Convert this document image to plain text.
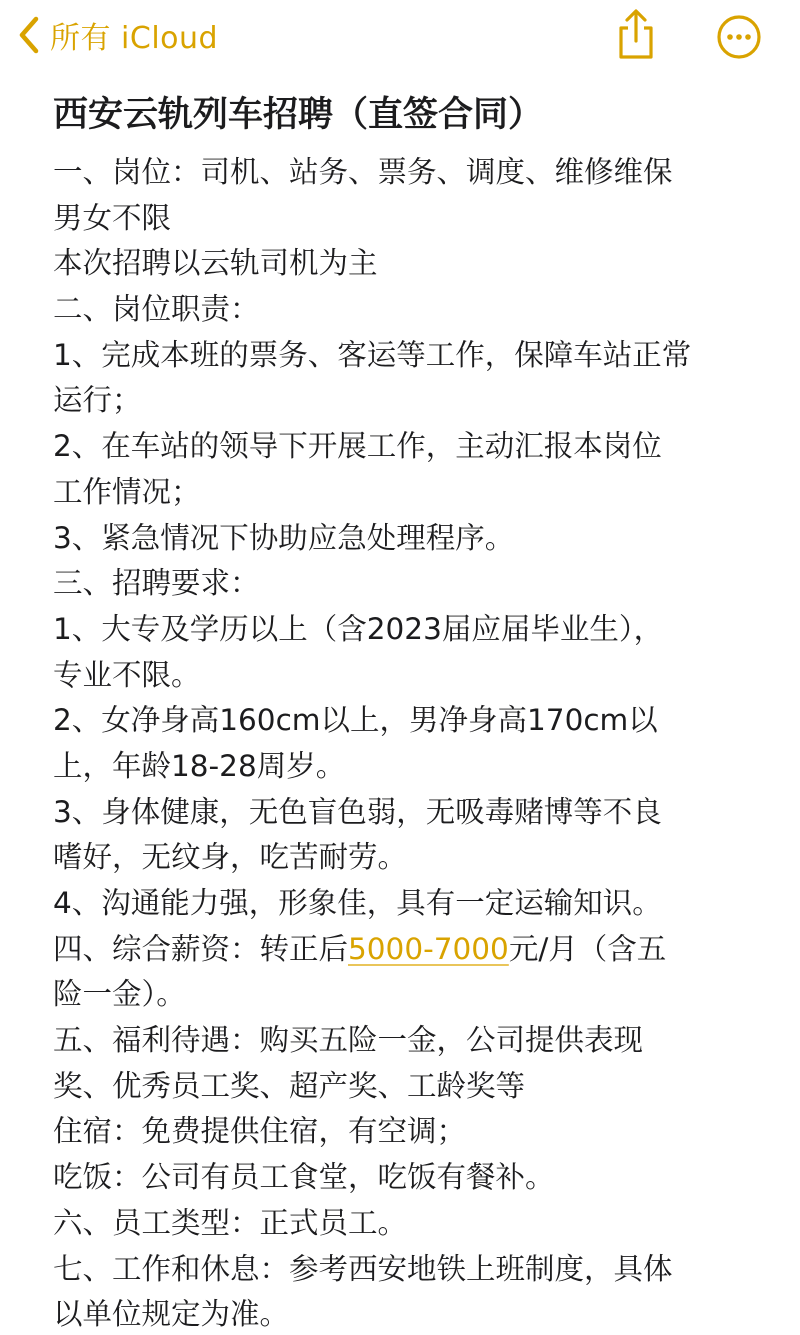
所有 iCloud
西安云轨列车招聘（直签合同）
一、岗位：司机、站务、票务、调度、维修维保
男女不限
本次招聘以云轨司机为主
二、岗位职责：
1、完成本班的票务、客运等工作，保障车站正常
运行；
2、在车站的领导下开展工作，主动汇报本岗位
工作情况；
3、紧急情况下协助应急处理程序。
三、招聘要求：
1、大专及学历以上（含2023届应届毕业生），
专业不限。
2、女净身高160cm以上，男净身高170cm以
上，年龄18-28周岁。
3、身体健康，无色盲色弱，无吸毒赌博等不良
嗜好，无纹身，吃苦耐劳。
4、沟通能力强，形象佳，具有一定运输知识。
四、综合薪资：转正后5000-7000元/月（含五
险一金）。
五、福利待遇：购买五险一金，公司提供表现
奖、优秀员工奖、超产奖、工龄奖等
住宿：免费提供住宿，有空调；
吃饭：公司有员工食堂，吃饭有餐补。
六、员工类型：正式员工。
七、工作和休息：参考西安地铁上班制度，具体
以单位规定为准。
